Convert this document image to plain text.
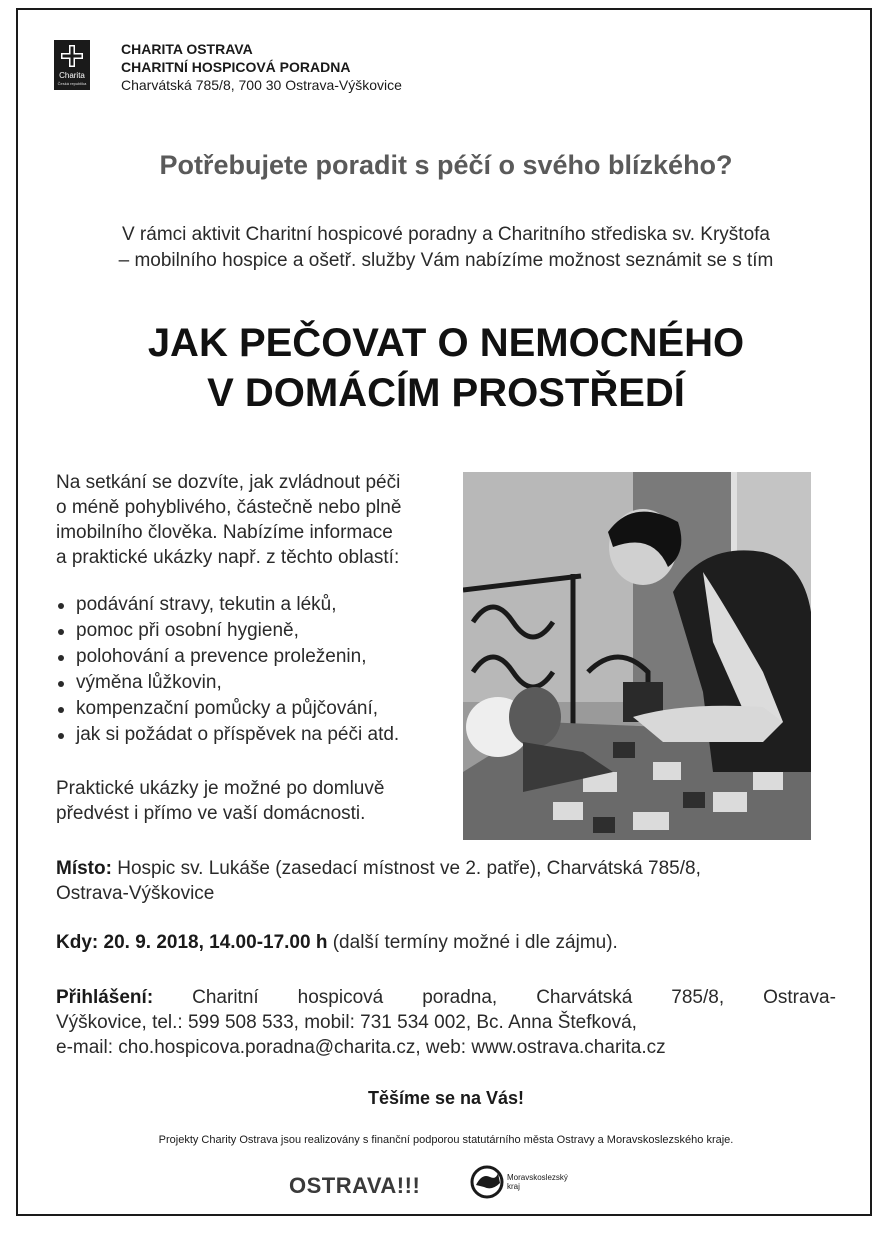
Charita
Česká republika
CHARITA OSTRAVA
CHARITNÍ HOSPICOVÁ PORADNA
Charvátská 785/8, 700 30 Ostrava-Výškovice
Potřebujete poradit s péčí o svého blízkého?
V rámci aktivit Charitní hospicové poradny a Charitního střediska sv. Kryštofa
– mobilního hospice a ošetř. služby Vám nabízíme možnost seznámit se s tím
JAK PEČOVAT O NEMOCNÉHO
V DOMÁCÍM PROSTŘEDÍ
Na setkání se dozvíte, jak zvládnout péči
o méně pohyblivého, částečně nebo plně
imobilního člověka. Nabízíme informace
a praktické ukázky např. z těchto oblastí:
podávání stravy, tekutin a léků,
pomoc při osobní hygieně,
polohování a prevence proleženin,
výměna lůžkovin,
kompenzační pomůcky a půjčování,
jak si požádat o příspěvek na péči atd.
Praktické ukázky je možné po domluvě
předvést i přímo ve vaší domácnosti.
Místo: Hospic sv. Lukáše (zasedací místnost ve 2. patře), Charvátská 785/8,
Ostrava-Výškovice
Kdy: 20. 9. 2018, 14.00-17.00 h (další termíny možné i dle zájmu).
Přihlášení: Charitní hospicová poradna, Charvátská 785/8, Ostrava-
Výškovice, tel.: 599 508 533, mobil: 731 534 002, Bc. Anna Štefková,
e-mail: cho.hospicova.poradna@charita.cz, web: www.ostrava.charita.cz
Těšíme se na Vás!
Projekty Charity Ostrava jsou realizovány s finanční podporou statutárního města Ostravy a Moravskoslezského kraje.
OSTRAVA!!!	Moravskoslezský
kraj
